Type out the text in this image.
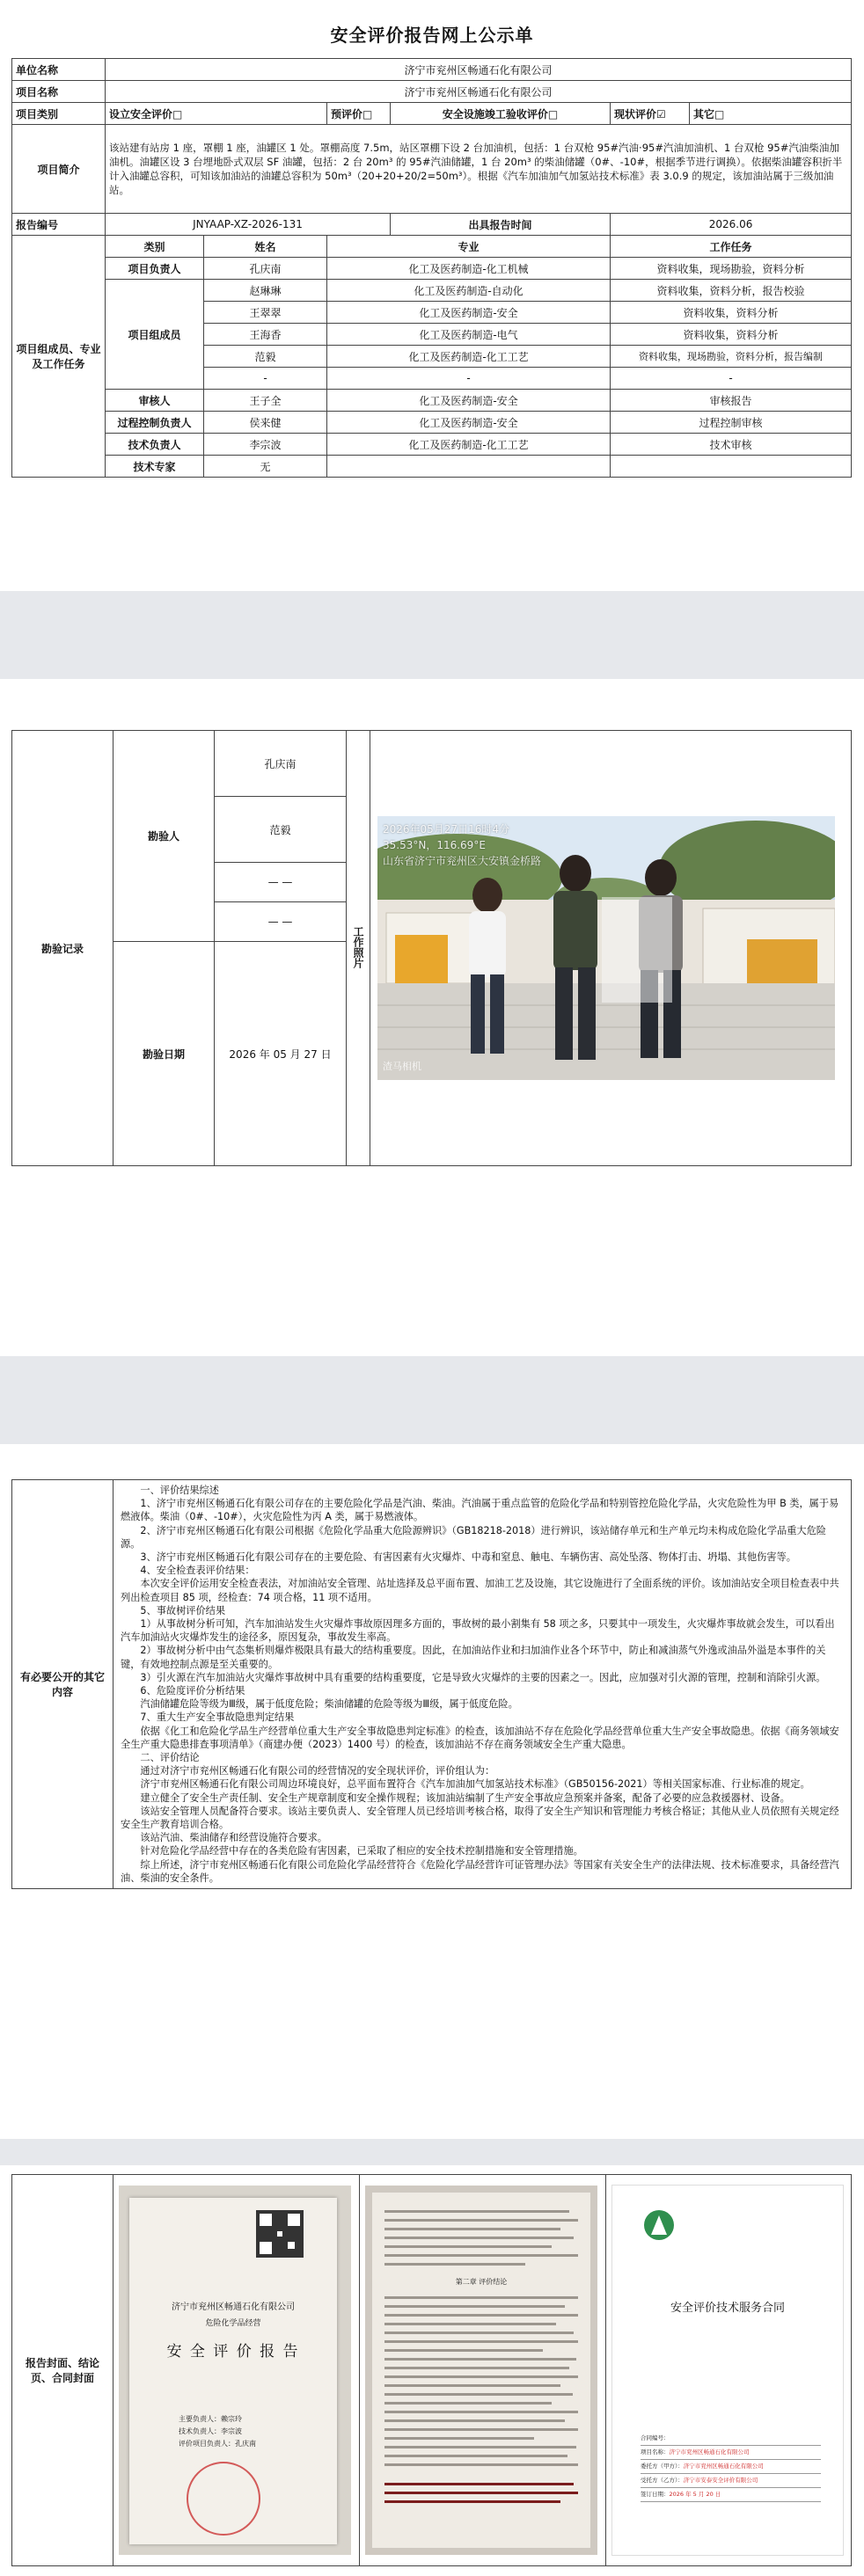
安全评价报告网上公示单
单位名称	济宁市兖州区畅通石化有限公司					
项目名称	济宁市兖州区畅通石化有限公司					
项目类别	设立安全评价□		预评价□	安全设施竣工验收评价□	现状评价☑	其它□
项目简介	该站建有站房 1 座，罩棚 1 座，油罐区 1 处。罩棚高度 7.5m，站区罩棚下设 2 台加油机，包括：1 台双枪 95#汽油·95#汽油加油机、1 台双枪 95#汽油柴油加油机。油罐区设 3 台埋地卧式双层 SF 油罐，包括：2 台 20m³ 的 95#汽油储罐，1 台 20m³ 的柴油储罐（0#、-10#，根据季节进行调换）。依据柴油罐容积折半计入油罐总容积，可知该加油站的油罐总容积为 50m³（20+20+20/2=50m³）。根据《汽车加油加气加氢站技术标准》表 3.0.9 的规定，该加油站属于三级加油站。					
报告编号	JNYAAP-XZ-2026-131			出具报告时间	2026.06	
项目组成员、专业及工作任务	类别	姓名	专业		工作任务	
	项目负责人	孔庆南	化工及医药制造-化工机械		资料收集，现场勘验，资料分析	
	项目组成员	赵琳琳	化工及医药制造-自动化		资料收集，资料分析，报告校验	
		王翠翠	化工及医药制造-安全		资料收集，资料分析	
		王海香	化工及医药制造-电气		资料收集，资料分析	
		范毅	化工及医药制造-化工工艺		资料收集，现场勘验，资料分析，报告编制	
		-	-		-	
	审核人	王子全	化工及医药制造-安全		审核报告	
	过程控制负责人	侯来健	化工及医药制造-安全		过程控制审核	
	技术负责人	李宗波	化工及医药制造-化工工艺		技术审核	
	技术专家	无				
勘验记录	勘验人	孔庆南	工作照片	2026年05月27日16时4分
35.53°N，116.69°E
山东省济宁市兖州区大安镇金桥路
渣马相机

		范毅		
		— —		
		— —		
	勘验日期	2026 年 05 月 27 日		

有必要公开的其它内容	

一、评价结果综述

1、济宁市兖州区畅通石化有限公司存在的主要危险化学品是汽油、柴油。汽油属于重点监管的危险化学品和特别管控危险化学品，火灾危险性为甲 B 类，属于易燃液体。柴油（0#、-10#），火灾危险性为丙 A 类，属于易燃液体。

2、济宁市兖州区畅通石化有限公司根据《危险化学品重大危险源辨识》（GB18218-2018）进行辨识，该站储存单元和生产单元均未构成危险化学品重大危险源。

3、济宁市兖州区畅通石化有限公司存在的主要危险、有害因素有火灾爆炸、中毒和窒息、触电、车辆伤害、高处坠落、物体打击、坍塌、其他伤害等。

4、安全检查表评价结果：

本次安全评价运用安全检查表法，对加油站安全管理、站址选择及总平面布置、加油工艺及设施，其它设施进行了全面系统的评价。该加油站安全项目检查表中共列出检查项目 85 项，经检查：74 项合格，11 项不适用。

5、事故树评价结果

1）从事故树分析可知，汽车加油站发生火灾爆炸事故原因理多方面的，事故树的最小割集有 58 项之多，只要其中一项发生，火灾爆炸事故就会发生，可以看出汽车加油站火灾爆炸发生的途径多，原因复杂，事故发生率高。

2）事故树分析中由气态集析则爆炸极限具有最大的结构重要度。因此，在加油站作业和扫加油作业各个环节中，防止和减油蒸气外逸或油品外溢是本事件的关键，有效地控制点源是至关重要的。

3）引火源在汽车加油站火灾爆炸事故树中具有重要的结构重要度，它是导致火灾爆炸的主要的因素之一。因此，应加强对引火源的管理，控制和消除引火源。

6、危险度评价分析结果

汽油储罐危险等级为Ⅲ级，属于低度危险；柴油储罐的危险等级为Ⅲ级，属于低度危险。

7、重大生产安全事故隐患判定结果

依据《化工和危险化学品生产经营单位重大生产安全事故隐患判定标准》的检查，该加油站不存在危险化学品经营单位重大生产安全事故隐患。依据《商务领域安全生产重大隐患排查事项清单》（商建办便（2023）1400 号）的检查，该加油站不存在商务领域安全生产重大隐患。

二、评价结论

通过对济宁市兖州区畅通石化有限公司的经营情况的安全现状评价，评价组认为：

济宁市兖州区畅通石化有限公司周边环境良好，总平面布置符合《汽车加油加气加氢站技术标准》（GB50156-2021）等相关国家标准、行业标准的规定。

建立健全了安全生产责任制、安全生产规章制度和安全操作规程；该加油站编制了生产安全事故应急预案并备案，配备了必要的应急救援器材、设备。

该站安全管理人员配备符合要求。该站主要负责人、安全管理人员已经培训考核合格，取得了安全生产知识和管理能力考核合格证；其他从业人员依照有关规定经安全生产教育培训合格。

该站汽油、柴油储存和经营设施符合要求。

针对危险化学品经营中存在的各类危险有害因素，已采取了相应的安全技术控制措施和安全管理措施。

综上所述，济宁市兖州区畅通石化有限公司危险化学品经营符合《危险化学品经营许可证管理办法》等国家有关安全生产的法律法规、技术标准要求，具备经营汽油、柴油的安全条件。

报告封面、结论页、合同封面	
济宁市兖州区畅通石化有限公司
危险化学品经营
安 全 评 价 报 告
主要负责人：赖宗玲
技术负责人：李宗波
评价项目负责人：孔庆南

第二章 评价结论

安全评价技术服务合同
合同编号：
项目名称：济宁市兖州区畅通石化有限公司
委托方（甲方）：济宁市兖州区畅通石化有限公司
受托方（乙方）：济宁市安泰安全评价有限公司
签订日期：2026 年 5 月 20 日
